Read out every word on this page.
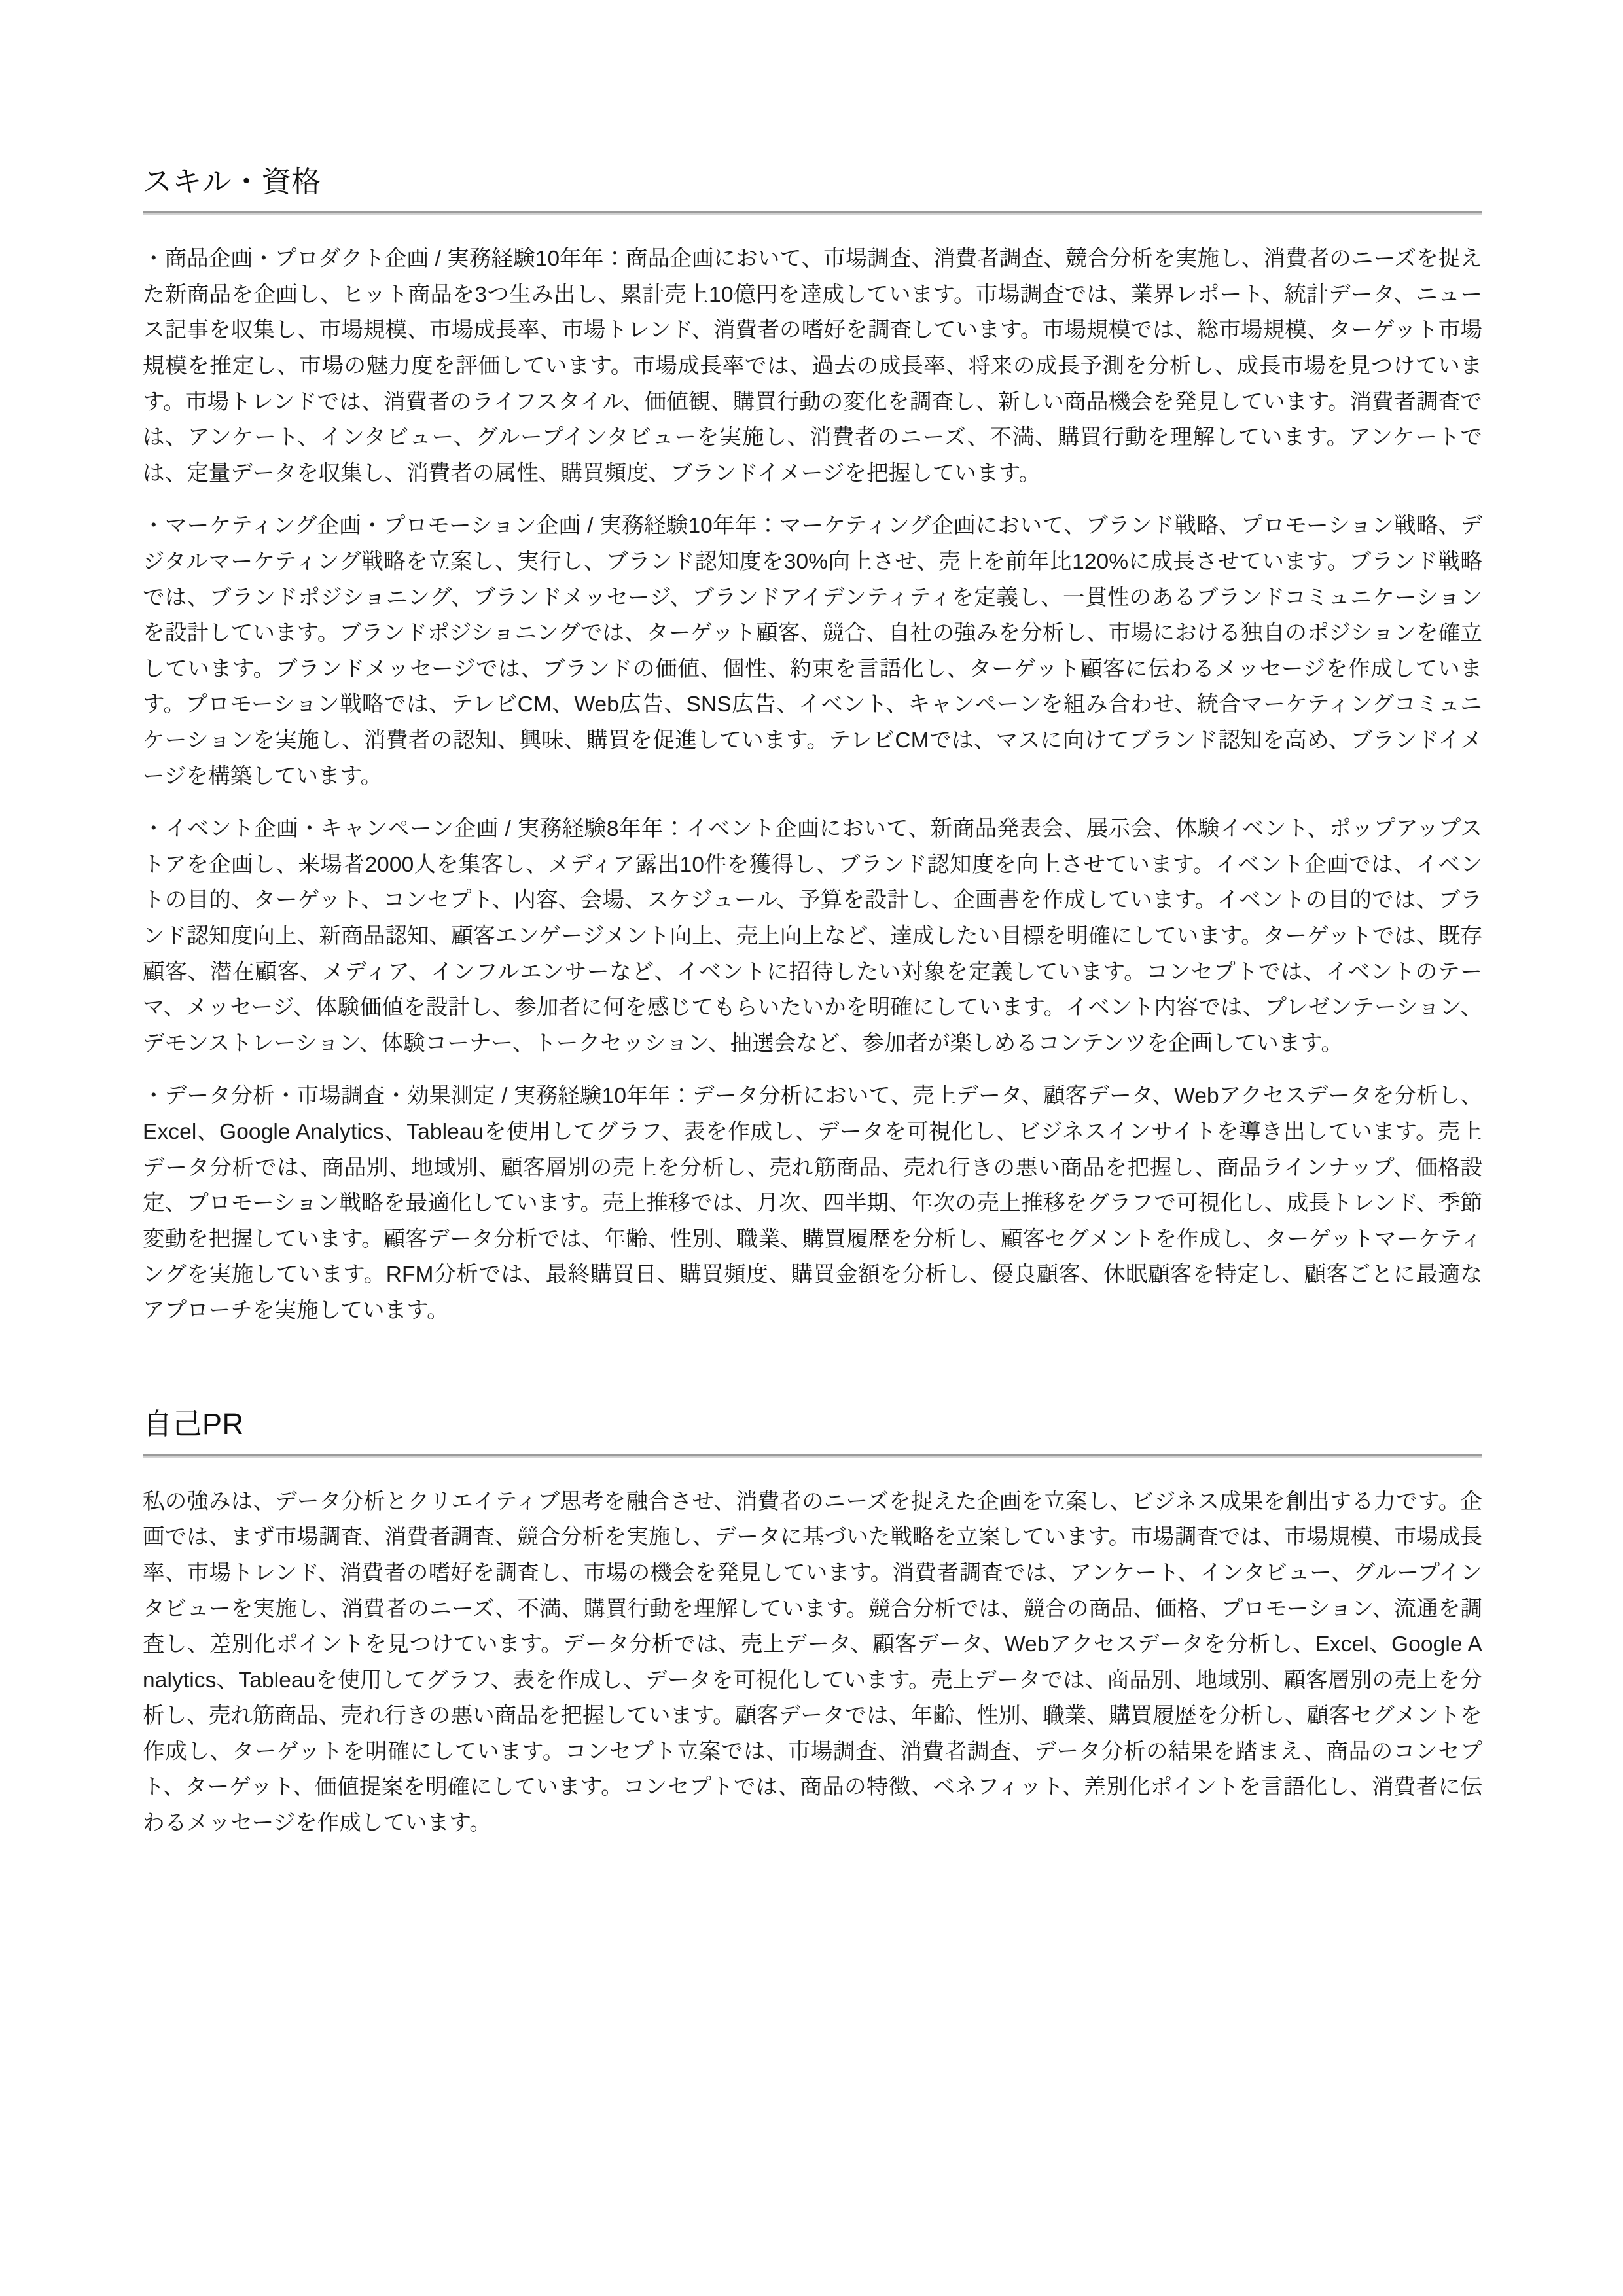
スキル・資格

・商品企画・プロダクト企画 / 実務経験10年年：商品企画において、市場調査、消費者調査、競合分析を実施し、消費者のニーズを捉えた新商品を企画し、ヒット商品を3つ生み出し、累計売上10億円を達成しています。市場調査では、業界レポート、統計データ、ニュース記事を収集し、市場規模、市場成長率、市場トレンド、消費者の嗜好を調査しています。市場規模では、総市場規模、ターゲット市場規模を推定し、市場の魅力度を評価しています。市場成長率では、過去の成長率、将来の成長予測を分析し、成長市場を見つけています。市場トレンドでは、消費者のライフスタイル、価値観、購買行動の変化を調査し、新しい商品機会を発見しています。消費者調査では、アンケート、インタビュー、グループインタビューを実施し、消費者のニーズ、不満、購買行動を理解しています。アンケートでは、定量データを収集し、消費者の属性、購買頻度、ブランドイメージを把握しています。

・マーケティング企画・プロモーション企画 / 実務経験10年年：マーケティング企画において、ブランド戦略、プロモーション戦略、デジタルマーケティング戦略を立案し、実行し、ブランド認知度を30%向上させ、売上を前年比120%に成長させています。ブランド戦略では、ブランドポジショニング、ブランドメッセージ、ブランドアイデンティティを定義し、一貫性のあるブランドコミュニケーションを設計しています。ブランドポジショニングでは、ターゲット顧客、競合、自社の強みを分析し、市場における独自のポジションを確立しています。ブランドメッセージでは、ブランドの価値、個性、約束を言語化し、ターゲット顧客に伝わるメッセージを作成しています。プロモーション戦略では、テレビCM、Web広告、SNS広告、イベント、キャンペーンを組み合わせ、統合マーケティングコミュニケーションを実施し、消費者の認知、興味、購買を促進しています。テレビCMでは、マスに向けてブランド認知を高め、ブランドイメージを構築しています。

・イベント企画・キャンペーン企画 / 実務経験8年年：イベント企画において、新商品発表会、展示会、体験イベント、ポップアップストアを企画し、来場者2000人を集客し、メディア露出10件を獲得し、ブランド認知度を向上させています。イベント企画では、イベントの目的、ターゲット、コンセプト、内容、会場、スケジュール、予算を設計し、企画書を作成しています。イベントの目的では、ブランド認知度向上、新商品認知、顧客エンゲージメント向上、売上向上など、達成したい目標を明確にしています。ターゲットでは、既存顧客、潜在顧客、メディア、インフルエンサーなど、イベントに招待したい対象を定義しています。コンセプトでは、イベントのテーマ、メッセージ、体験価値を設計し、参加者に何を感じてもらいたいかを明確にしています。イベント内容では、プレゼンテーション、デモンストレーション、体験コーナー、トークセッション、抽選会など、参加者が楽しめるコンテンツを企画しています。

・データ分析・市場調査・効果測定 / 実務経験10年年：データ分析において、売上データ、顧客データ、Webアクセスデータを分析し、Excel、Google Analytics、Tableauを使用してグラフ、表を作成し、データを可視化し、ビジネスインサイトを導き出しています。売上データ分析では、商品別、地域別、顧客層別の売上を分析し、売れ筋商品、売れ行きの悪い商品を把握し、商品ラインナップ、価格設定、プロモーション戦略を最適化しています。売上推移では、月次、四半期、年次の売上推移をグラフで可視化し、成長トレンド、季節変動を把握しています。顧客データ分析では、年齢、性別、職業、購買履歴を分析し、顧客セグメントを作成し、ターゲットマーケティングを実施しています。RFM分析では、最終購買日、購買頻度、購買金額を分析し、優良顧客、休眠顧客を特定し、顧客ごとに最適なアプローチを実施しています。

自己PR

私の強みは、データ分析とクリエイティブ思考を融合させ、消費者のニーズを捉えた企画を立案し、ビジネス成果を創出する力です。企画では、まず市場調査、消費者調査、競合分析を実施し、データに基づいた戦略を立案しています。市場調査では、市場規模、市場成長率、市場トレンド、消費者の嗜好を調査し、市場の機会を発見しています。消費者調査では、アンケート、インタビュー、グループインタビューを実施し、消費者のニーズ、不満、購買行動を理解しています。競合分析では、競合の商品、価格、プロモーション、流通を調査し、差別化ポイントを見つけています。データ分析では、売上データ、顧客データ、Webアクセスデータを分析し、Excel、Google Analytics、Tableauを使用してグラフ、表を作成し、データを可視化しています。売上データでは、商品別、地域別、顧客層別の売上を分析し、売れ筋商品、売れ行きの悪い商品を把握しています。顧客データでは、年齢、性別、職業、購買履歴を分析し、顧客セグメントを作成し、ターゲットを明確にしています。コンセプト立案では、市場調査、消費者調査、データ分析の結果を踏まえ、商品のコンセプト、ターゲット、価値提案を明確にしています。コンセプトでは、商品の特徴、ベネフィット、差別化ポイントを言語化し、消費者に伝わるメッセージを作成しています。
